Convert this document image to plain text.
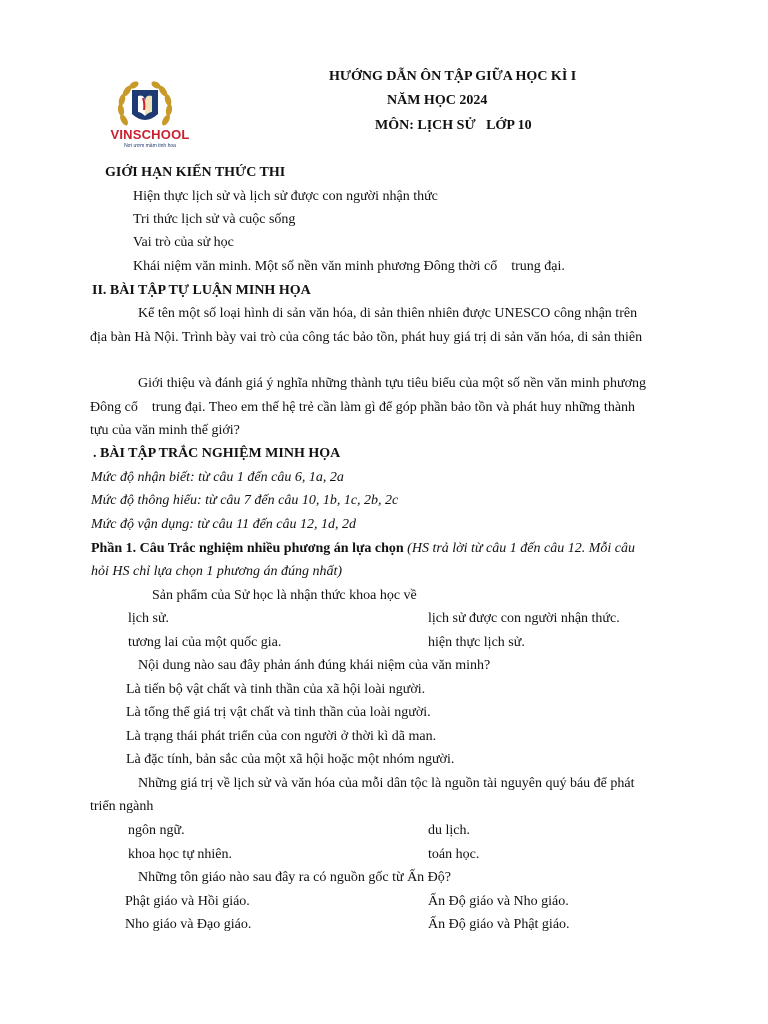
VINSCHOOL
Nơi ươm mầm tinh hoa
HƯỚNG DẪN ÔN TẬP GIỮA HỌC KÌ I
NĂM HỌC 2024
MÔN: LỊCH SỬ   LỚP 10
GIỚI HẠN KIẾN THỨC THI
Hiện thực lịch sử và lịch sử được con người nhận thức
Tri thức lịch sử và cuộc sống
Vai trò của sử học
Khái niệm văn minh. Một số nền văn minh phương Đông thời cổ    trung đại.
II. BÀI TẬP TỰ LUẬN MINH HỌA
Kể tên một số loại hình di sản văn hóa, di sản thiên nhiên được UNESCO công nhận trên
địa bàn Hà Nội. Trình bày vai trò của công tác bảo tồn, phát huy giá trị di sản văn hóa, di sản thiên
Giới thiệu và đánh giá ý nghĩa những thành tựu tiêu biểu của một số nền văn minh phương
Đông cổ    trung đại. Theo em thế hệ trẻ cần làm gì để góp phần bảo tồn và phát huy những thành
tựu của văn minh thế giới?
. BÀI TẬP TRẮC NGHIỆM MINH HỌA
Mức độ nhận biết: từ câu 1 đến câu 6, 1a, 2a
Mức độ thông hiểu: từ câu 7 đến câu 10, 1b, 1c, 2b, 2c
Mức độ vận dụng: từ câu 11 đến câu 12, 1d, 2d
Phần 1. Câu Trắc nghiệm nhiều phương án lựa chọn (HS trả lời từ câu 1 đến câu 12. Mỗi câu
hỏi HS chỉ lựa chọn 1 phương án đúng nhất)
Sản phẩm của Sử học là nhận thức khoa học về
lịch sử.	lịch sử được con người nhận thức.
tương lai của một quốc gia.	hiện thực lịch sử.
Nội dung nào sau đây phản ánh đúng khái niệm của văn minh?
Là tiến bộ vật chất và tinh thần của xã hội loài người.
Là tổng thể giá trị vật chất và tinh thần của loài người.
Là trạng thái phát triển của con người ở thời kì dã man.
Là đặc tính, bản sắc của một xã hội hoặc một nhóm người.
Những giá trị về lịch sử và văn hóa của mỗi dân tộc là nguồn tài nguyên quý báu để phát
triển ngành
ngôn ngữ.	du lịch.
khoa học tự nhiên.	toán học.
Những tôn giáo nào sau đây ra có nguồn gốc từ Ấn Độ?
Phật giáo và Hồi giáo.	Ấn Độ giáo và Nho giáo.
Nho giáo và Đạo giáo.	Ấn Độ giáo và Phật giáo.
